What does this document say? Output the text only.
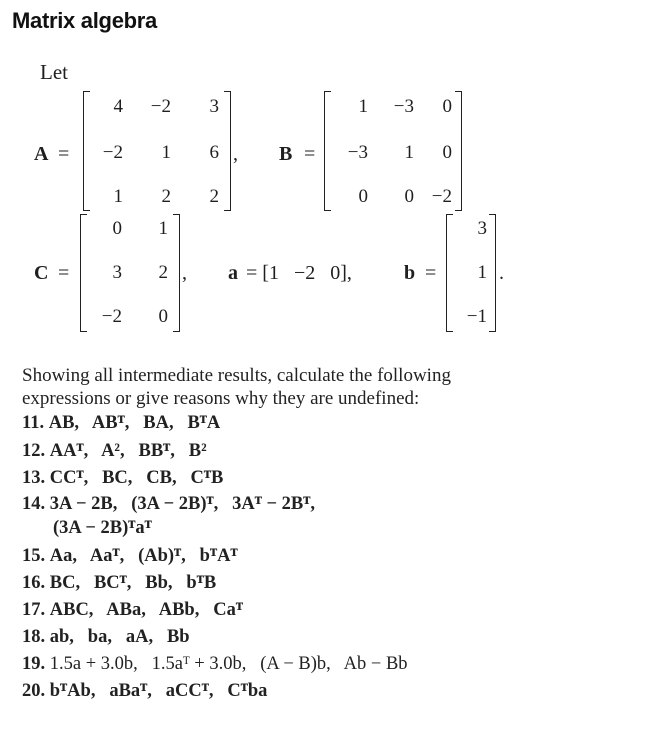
Matrix algebra
Let
A =
4 −2 3
−2 1 6
1 2 2
, B =
1 −3 0
−3 1 0
0 0 −2
C =
0 1
3 2
−2 0
, a = [1   −2   0],	b =
3
1
−1
.
Showing all intermediate results, calculate the following
expressions or give reasons why they are undefined:
11. AB,   ABᵀ,   BA,   BᵀA
12. AAᵀ,   A²,   BBᵀ,   B²
13. CCᵀ,   BC,   CB,   CᵀB
14. 3A − 2B,   (3A − 2B)ᵀ,   3Aᵀ − 2Bᵀ,
(3A − 2B)ᵀaᵀ
15. Aa,   Aaᵀ,   (Ab)ᵀ,   bᵀAᵀ
16. BC,   BCᵀ,   Bb,   bᵀB
17. ABC,   ABa,   ABb,   Caᵀ
18. ab,   ba,   aA,   Bb
19. 1.5a + 3.0b,   1.5aᵀ + 3.0b,   (A − B)b,   Ab − Bb
20. bᵀAb,   aBaᵀ,   aCCᵀ,   Cᵀba
